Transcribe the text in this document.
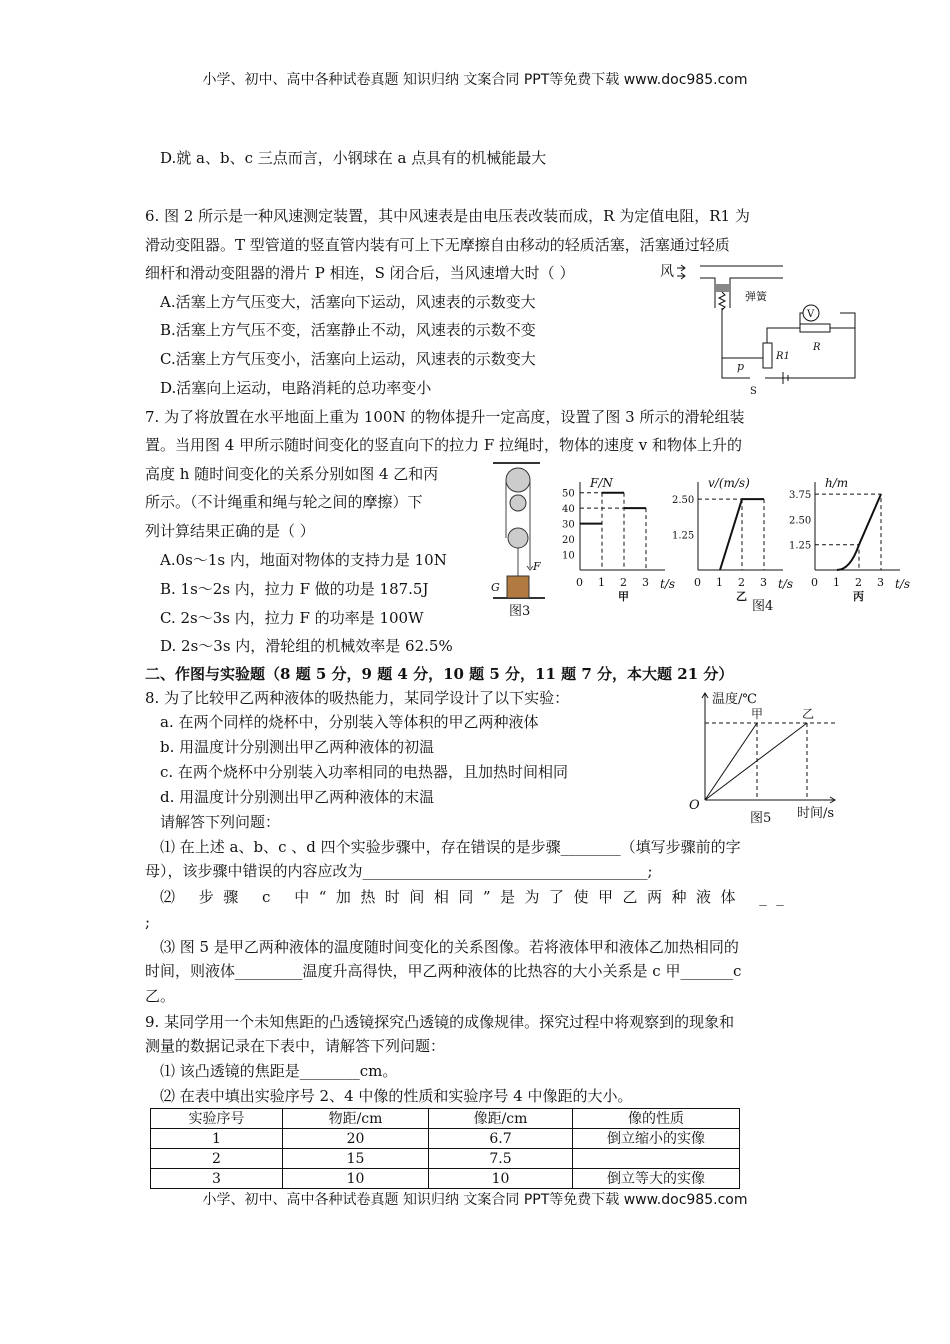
小学、初中、高中各种试卷真题 知识归纳 文案合同 PPT等免费下载 www.doc985.com
D.就 a、b、c 三点而言，小钢球在 a 点具有的机械能最大
6. 图 2 所示是一种风速测定装置，其中风速表是由电压表改装而成，R 为定值电阻，R1 为
滑动变阻器。T 型管道的竖直管内装有可上下无摩擦自由移动的轻质活塞，活塞通过轻质
细杆和滑动变阻器的滑片 P 相连，S 闭合后，当风速增大时（ ）
A.活塞上方气压变大，活塞向下运动，风速表的示数变大
B.活塞上方气压不变，活塞静止不动，风速表的示数不变
C.活塞上方气压变小，活塞向上运动，风速表的示数变大
D.活塞向上运动，电路消耗的总功率变小
风
弹簧
V
R1
R
p
S
7. 为了将放置在水平地面上重为 100N 的物体提升一定高度，设置了图 3 所示的滑轮组装
置。当用图 4 甲所示随时间变化的竖直向下的拉力 F 拉绳时，物体的速度 v 和物体上升的
高度 h 随时间变化的关系分别如图 4 乙和丙
所示。（不计绳重和绳与轮之间的摩擦）下
列计算结果正确的是（ ）
A.0s～1s 内，地面对物体的支持力是 10N
B. 1s～2s 内，拉力 F 做的功是 187.5J
C. 2s～3s 内，拉力 F 的功率是 100W
D. 2s～3s 内，滑轮组的机械效率是 62.5%
F
G
图3
F/N
t/s
0 1 2 3
50
40
30
20
10
甲
v/(m/s)
t/s
0 1 2 3
2.50
1.25
乙
h/m
t/s
0 1 2 3
3.75
2.50
1.25
丙
图4
二、作图与实验题（8 题 5 分，9 题 4 分，10 题 5 分，11 题 7 分，本大题 21 分）
8. 为了比较甲乙两种液体的吸热能力，某同学设计了以下实验：
a. 在两个同样的烧杯中，分别装入等体积的甲乙两种液体
b. 用温度计分别测出甲乙两种液体的初温
c. 在两个烧杯中分别装入功率相同的电热器，且加热时间相同
d. 用温度计分别测出甲乙两种液体的末温
请解答下列问题：
⑴ 在上述 a、b、c 、d 四个实验步骤中，存在错误的是步骤________（填写步骤前的字
母），该步骤中错误的内容应改为______________________________________;
⑵ 步骤 c 中“加热时间相同”是为了使甲乙两种液体 __
;
⑶ 图 5 是甲乙两种液体的温度随时间变化的关系图像。若将液体甲和液体乙加热相同的
时间，则液体_________温度升高得快，甲乙两种液体的比热容的大小关系是 c 甲_______c
乙。
温度/℃
甲	乙
O
图5 时间/s
9. 某同学用一个未知焦距的凸透镜探究凸透镜的成像规律。探究过程中将观察到的现象和
测量的数据记录在下表中，请解答下列问题：
⑴ 该凸透镜的焦距是________cm。
⑵ 在表中填出实验序号 2、4 中像的性质和实验序号 4 中像距的大小。
实验序号	物距/cm	像距/cm	像的性质
1	20	6.7	倒立缩小的实像
2	15	7.5	
3	10	10	倒立等大的实像
小学、初中、高中各种试卷真题 知识归纳 文案合同 PPT等免费下载 www.doc985.com
